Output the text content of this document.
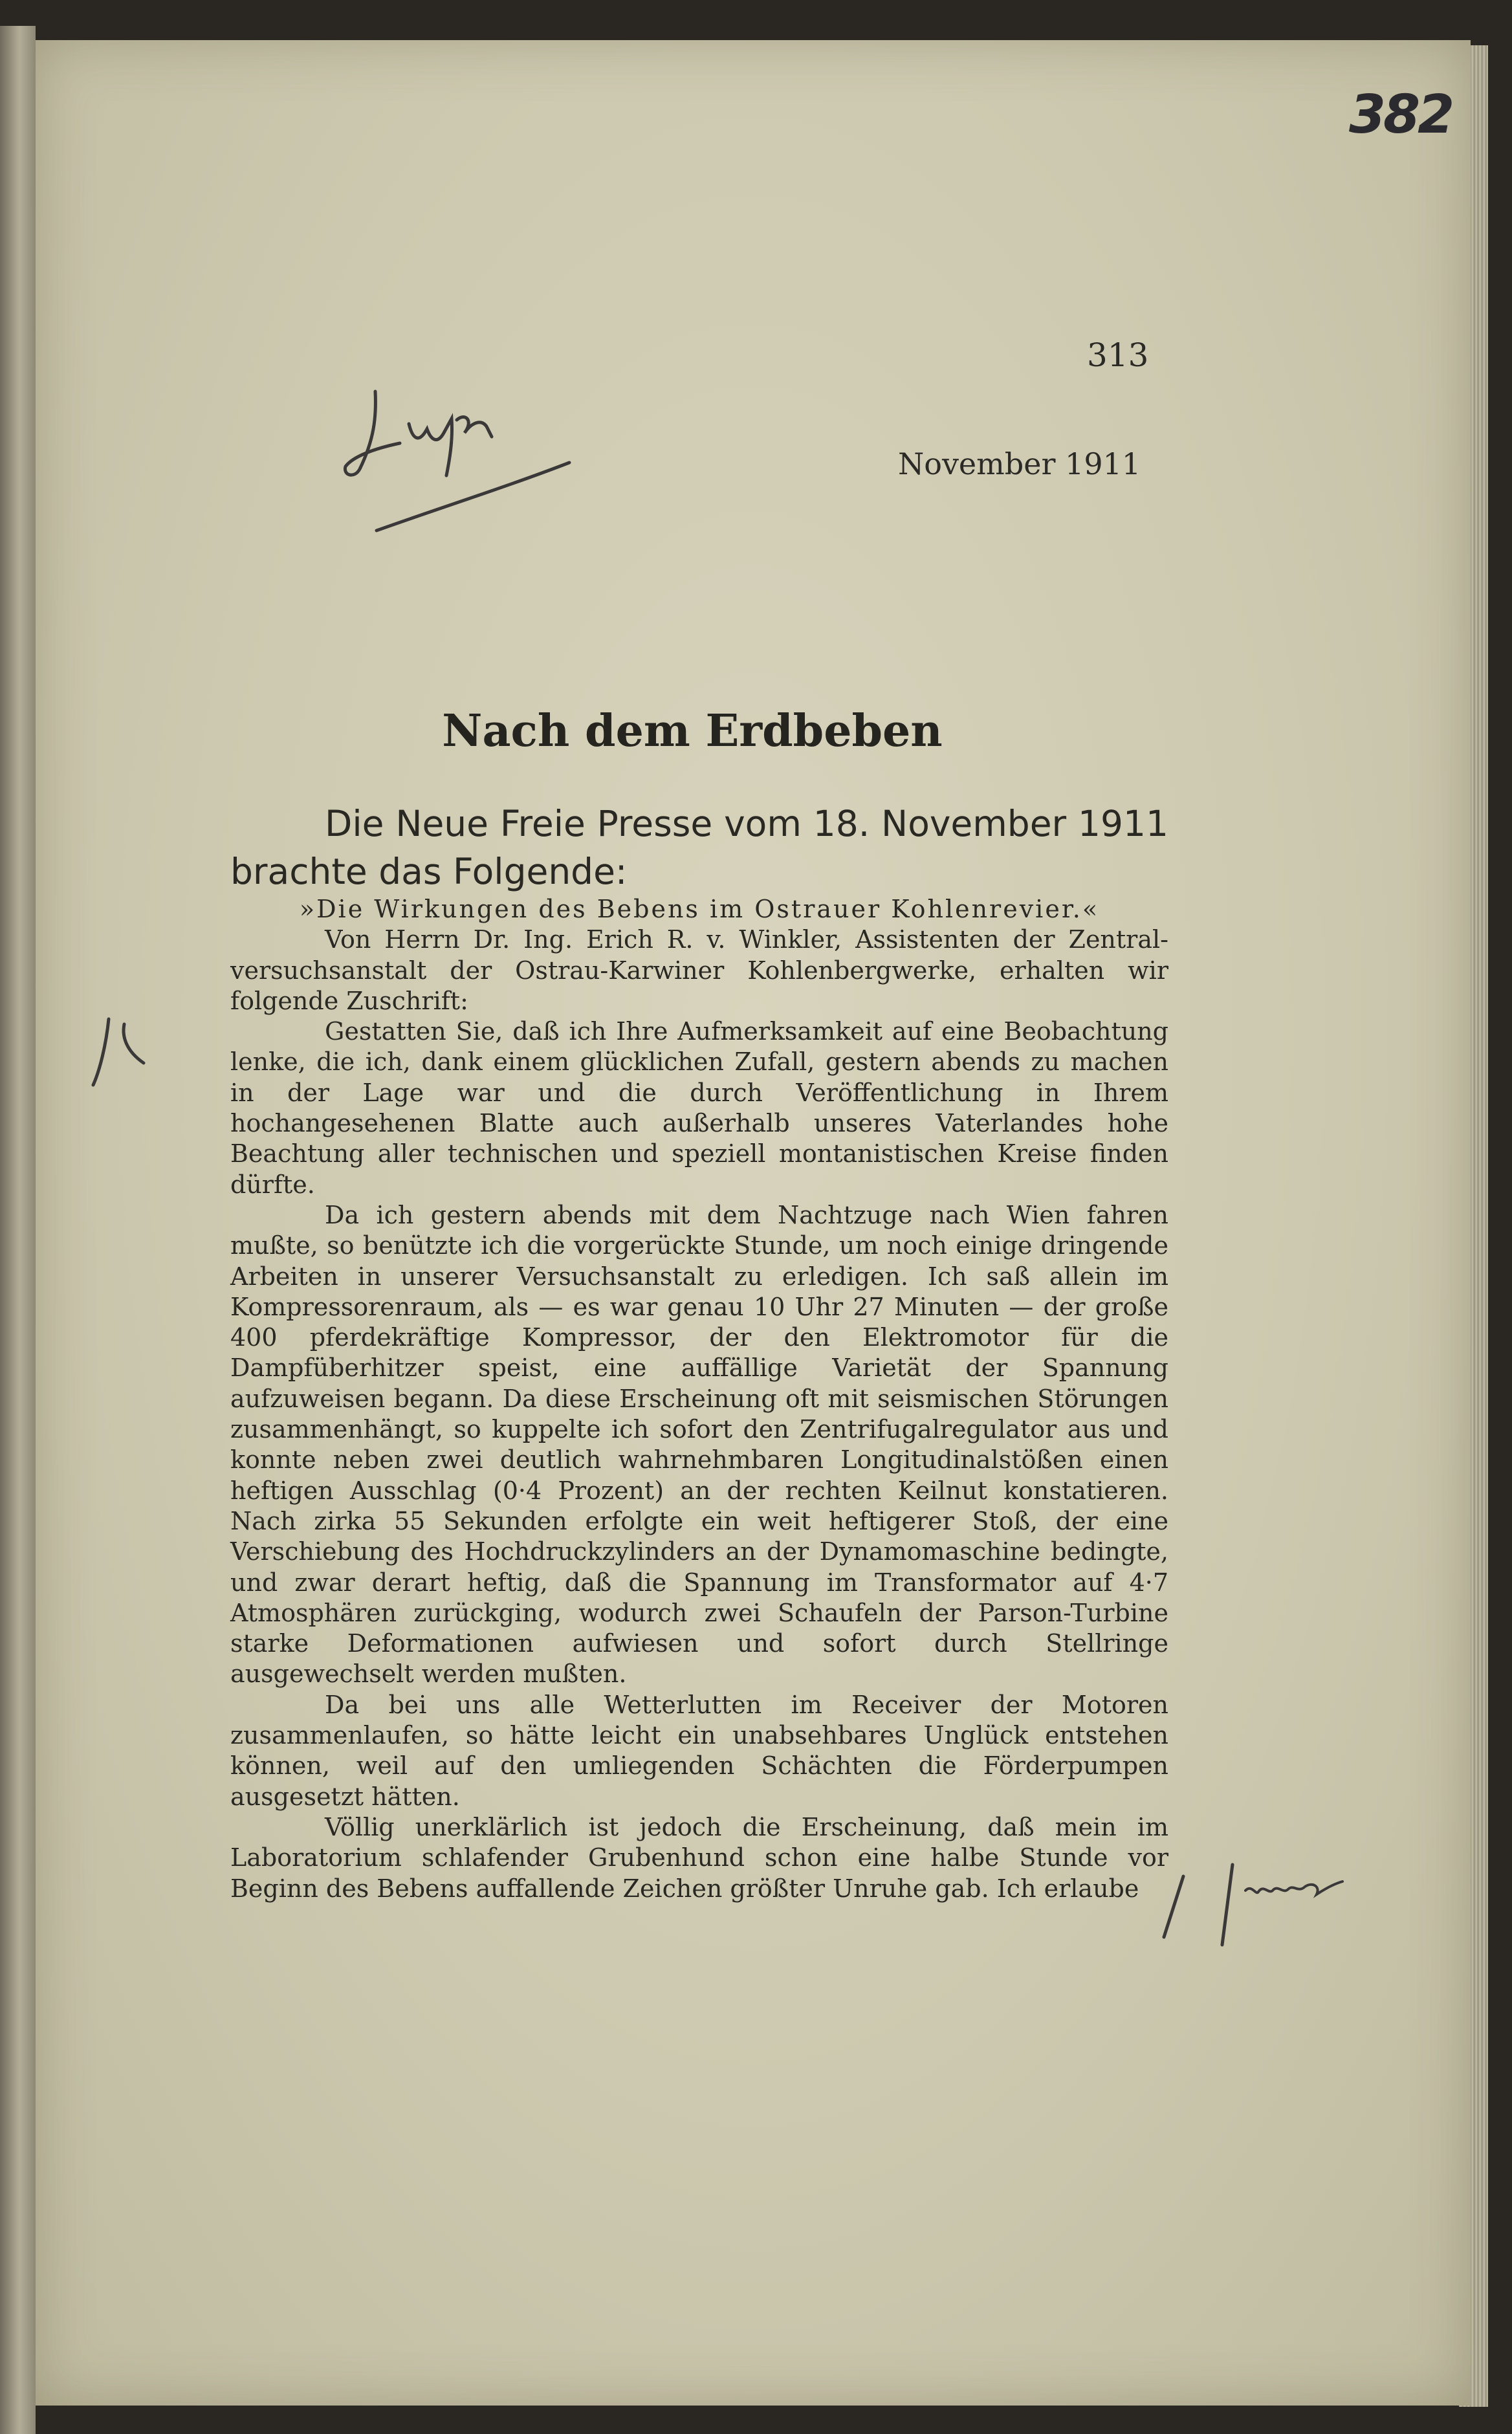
382

313

November 1911

Nach dem Erdbeben

Die Neue Freie Presse vom 18. November 1911 brachte das Folgende:

»Die Wirkungen des Bebens im Ostrauer Kohlenrevier.«

Von Herrn Dr. Ing. Erich R. v. Winkler, Assistenten der Zentral-versuchsanstalt der Ostrau-Karwiner Kohlenbergwerke, erhalten wir folgende Zuschrift:

Gestatten Sie, daß ich Ihre Aufmerksamkeit auf eine Beobachtung lenke, die ich, dank einem glücklichen Zufall, gestern abends zu machen in der Lage war und die durch Veröffentlichung in Ihrem hochangesehenen Blatte auch außerhalb unseres Vaterlandes hohe Beachtung aller technischen und speziell montanistischen Kreise finden dürfte.

Da ich gestern abends mit dem Nachtzuge nach Wien fahren mußte, so benützte ich die vorgerückte Stunde, um noch einige dringende Arbeiten in unserer Versuchsanstalt zu erledigen. Ich saß allein im Kompressorenraum, als — es war genau 10 Uhr 27 Minuten — der große 400 pferdekräftige Kompressor, der den Elektromotor für die Dampfüberhitzer speist, eine auffällige Varietät der Spannung aufzuweisen begann. Da diese Erscheinung oft mit seismischen Störungen zusammenhängt, so kuppelte ich sofort den Zentrifugalregulator aus und konnte neben zwei deutlich wahrnehmbaren Longitudinalstößen einen heftigen Ausschlag (0·4 Prozent) an der rechten Keilnut konstatieren. Nach zirka 55 Sekunden erfolgte ein weit heftigerer Stoß, der eine Verschiebung des Hochdruckzylinders an der Dynamomaschine bedingte, und zwar derart heftig, daß die Spannung im Transformator auf 4·7 Atmosphären zurückging, wodurch zwei Schaufeln der Parson-Turbine starke Deformationen aufwiesen und sofort durch Stellringe ausgewechselt werden mußten.

Da bei uns alle Wetterlutten im Receiver der Motoren zusammenlaufen, so hätte leicht ein unabsehbares Unglück entstehen können, weil auf den umliegenden Schächten die Förderpumpen ausgesetzt hätten.

Völlig unerklärlich ist jedoch die Erscheinung, daß mein im Laboratorium schlafender Grubenhund schon eine halbe Stunde vor Beginn des Bebens auffallende Zeichen größter Unruhe gab. Ich erlaube
